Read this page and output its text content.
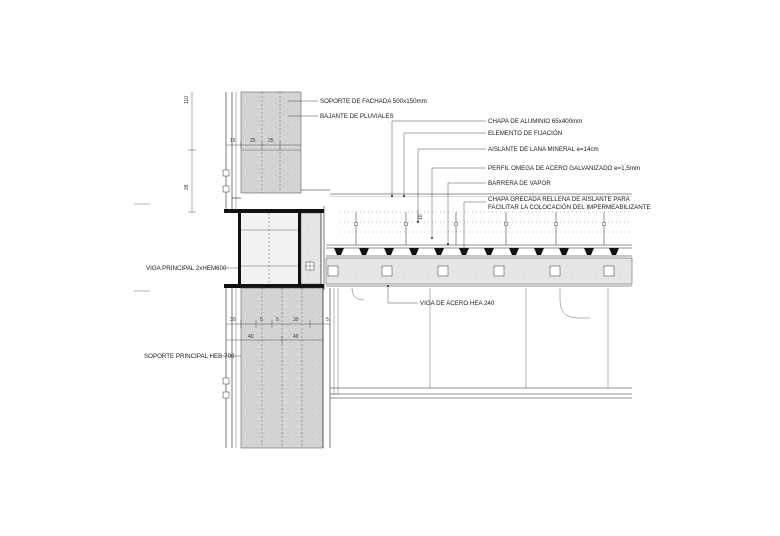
110
26
15	25 25
30	5	5	30	5
40	40
10
SOPORTE DE FACHADA 500x150mm
BAJANTE DE PLUVIALES
CHAPA DE ALUMINIO 65x400mm
ELEMENTO DE FIJACIÓN
AISLANTE DE LANA MINERAL e=14cm
PERFIL OMEGA DE ACERO GALVANIZADO e=1,5mm
BARRERA DE VAPOR
CHAPA GRECADA RELLENA DE AISLANTE PARA
FACILITAR LA COLOCACIÓN DEL IMPERMEABILIZANTE
VIGA PRINCIPAL 2xHEM600
VIGA DE ACERO HEA 240
SOPORTE PRINCIPAL HEB 700
